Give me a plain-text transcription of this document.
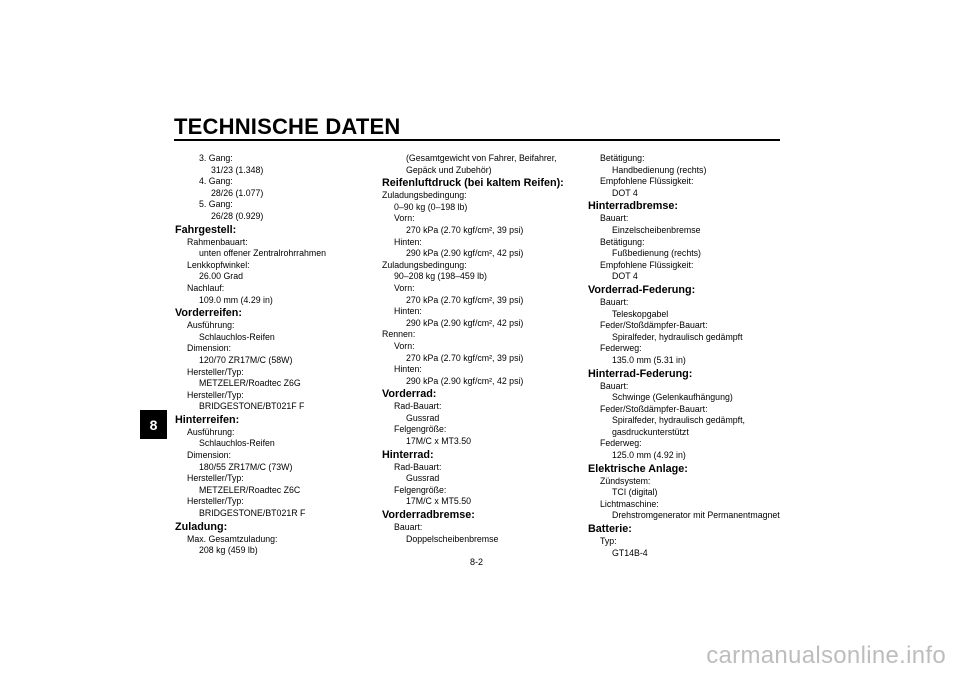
TECHNISCHE DATEN
8
3. Gang:
31/23 (1.348)
4. Gang:
28/26 (1.077)
5. Gang:
26/28 (0.929)
Fahrgestell:
Rahmenbauart:
unten offener Zentralrohrrahmen
Lenkkopfwinkel:
26.00 Grad
Nachlauf:
109.0 mm (4.29 in)
Vorderreifen:
Ausführung:
Schlauchlos-Reifen
Dimension:
120/70 ZR17M/C (58W)
Hersteller/Typ:
METZELER/Roadtec Z6G
Hersteller/Typ:
BRIDGESTONE/BT021F F
Hinterreifen:
Ausführung:
Schlauchlos-Reifen
Dimension:
180/55 ZR17M/C (73W)
Hersteller/Typ:
METZELER/Roadtec Z6C
Hersteller/Typ:
BRIDGESTONE/BT021R F
Zuladung:
Max. Gesamtzuladung:
208 kg (459 lb)
(Gesamtgewicht von Fahrer, Beifahrer,
Gepäck und Zubehör)
Reifenluftdruck (bei kaltem Reifen):
Zuladungsbedingung:
0–90 kg (0–198 lb)
Vorn:
270 kPa (2.70 kgf/cm², 39 psi)
Hinten:
290 kPa (2.90 kgf/cm², 42 psi)
Zuladungsbedingung:
90–208 kg (198–459 lb)
Vorn:
270 kPa (2.70 kgf/cm², 39 psi)
Hinten:
290 kPa (2.90 kgf/cm², 42 psi)
Rennen:
Vorn:
270 kPa (2.70 kgf/cm², 39 psi)
Hinten:
290 kPa (2.90 kgf/cm², 42 psi)
Vorderrad:
Rad-Bauart:
Gussrad
Felgengröße:
17M/C x MT3.50
Hinterrad:
Rad-Bauart:
Gussrad
Felgengröße:
17M/C x MT5.50
Vorderradbremse:
Bauart:
Doppelscheibenbremse
Betätigung:
Handbedienung (rechts)
Empfohlene Flüssigkeit:
DOT 4
Hinterradbremse:
Bauart:
Einzelscheibenbremse
Betätigung:
Fußbedienung (rechts)
Empfohlene Flüssigkeit:
DOT 4
Vorderrad-Federung:
Bauart:
Teleskopgabel
Feder/Stoßdämpfer-Bauart:
Spiralfeder, hydraulisch gedämpft
Federweg:
135.0 mm (5.31 in)
Hinterrad-Federung:
Bauart:
Schwinge (Gelenkaufhängung)
Feder/Stoßdämpfer-Bauart:
Spiralfeder, hydraulisch gedämpft,
gasdruckunterstützt
Federweg:
125.0 mm (4.92 in)
Elektrische Anlage:
Zündsystem:
TCI (digital)
Lichtmaschine:
Drehstromgenerator mit Permanentmagnet
Batterie:
Typ:
GT14B-4
8-2
carmanualsonline.info
